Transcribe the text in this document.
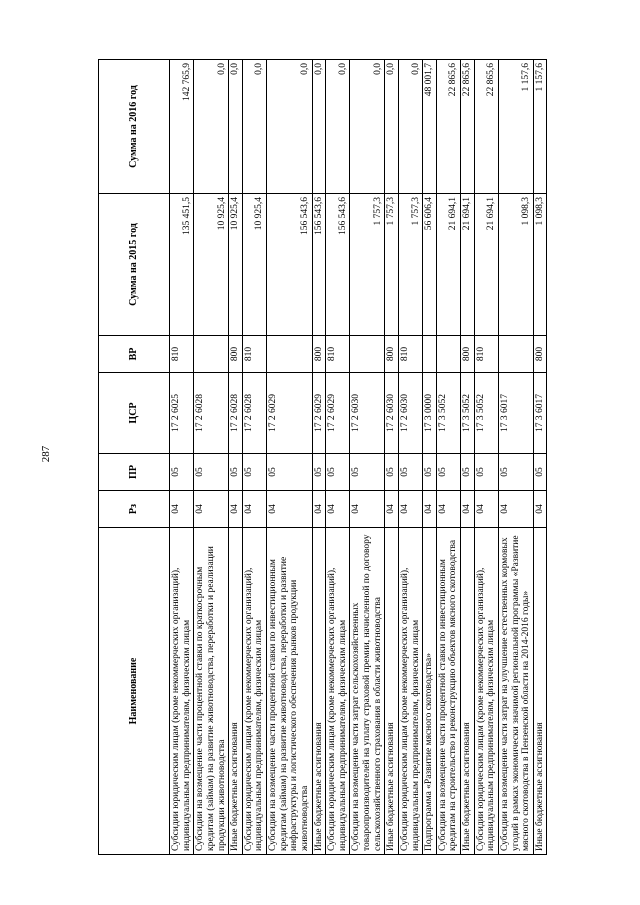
287
Наименование	Рз	ПР	ЦСР	ВР	Сумма на 2015 год	Сумма на 2016 год
Субсидии юридическим лицам (кроме некоммерческих организаций), индивидуальным предпринимателям, физическим лицам	04	05	17 2 6025	810	135 451,5	142 765,9
Субсидии на возмещение части процентной ставки по краткосрочным кредитам (займам) на развитие животноводства, переработки и реализации продукции животноводства	04	05	17 2 6028		10 925,4	0,0
Иные бюджетные ассигнования	04	05	17 2 6028	800	10 925,4	0,0
Субсидии юридическим лицам (кроме некоммерческих организаций), индивидуальным предпринимателям, физическим лицам	04	05	17 2 6028	810	10 925,4	0,0
Субсидии на возмещение части процентной ставки по инвестиционным кредитам (займам) на развитие животноводства, переработки и развитие инфраструктуры и логистического обеспечения рынков продукции животноводства	04	05	17 2 6029		156 543,6	0,0
Иные бюджетные ассигнования	04	05	17 2 6029	800	156 543,6	0,0
Субсидии юридическим лицам (кроме некоммерческих организаций), индивидуальным предпринимателям, физическим лицам	04	05	17 2 6029	810	156 543,6	0,0
Субсидии на возмещение части затрат сельскохозяйственных товаропроизводителей на уплату страховой премии, начисленной по договору сельскохозяйственного страхования в области животноводства	04	05	17 2 6030		1 757,3	0,0
Иные бюджетные ассигнования	04	05	17 2 6030	800	1 757,3	0,0
Субсидии юридическим лицам (кроме некоммерческих организаций), индивидуальным предпринимателям, физическим лицам	04	05	17 2 6030	810	1 757,3	0,0
Подпрограмма «Развитие мясного скотоводства»	04	05	17 3 0000		56 606,4	48 001,7
Субсидии на возмещение части процентной ставки по инвестиционным кредитам на строительство и реконструкцию объектов мясного скотоводства	04	05	17 3 5052		21 694,1	22 865,6
Иные бюджетные ассигнования	04	05	17 3 5052	800	21 694,1	22 865,6
Субсидии юридическим лицам (кроме некоммерческих организаций), индивидуальным предпринимателям, физическим лицам	04	05	17 3 5052	810	21 694,1	22 865,6
Субсидии на возмещение части затрат на улучшение естественных кормовых угодий в рамках экономически значимой региональной программы «Развитие мясного скотоводства в Пензенской области на 2014-2016 годы»	04	05	17 3 6017		1 098,3	1 157,6
Иные бюджетные ассигнования	04	05	17 3 6017	800	1 098,3	1 157,6
